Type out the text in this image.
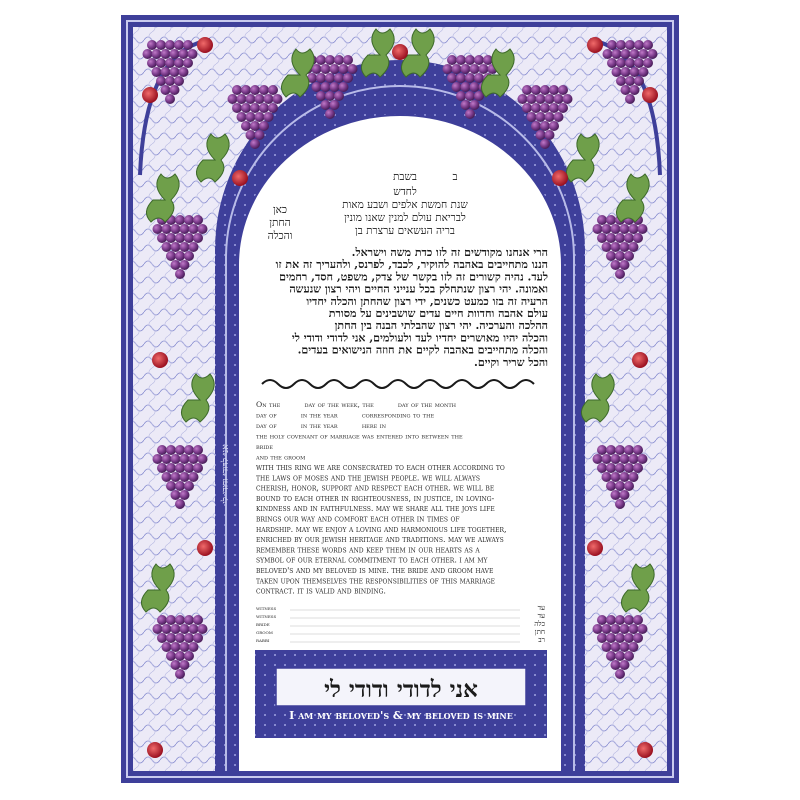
אני לדודי ודודי לי
בשבת	ב
לחדש
שנת חמשת אלפים ושבע מאות
לבריאת עולם למנין שאנו מונין
בריה העשאים ערצרת בן
כאן
החתן
והכלה
הרי אנחנו מקודשים זה לזו כדת משה וישראל.
הננו מתחייבים באהבה להוקיר, לכבד, לפרנס, ולהעריך זה את זו
לעד. נהיה קשורים זה לזו בקשר של צדק, משפט, חסד, רחמים
ואמונה. יהי רצון שנתחלק בכל ענייני החיים ויהי רצון שנעשה
הרעיה זה בזו כמעט כשנים, ידי רצון שהחתן והכלה יחדיו
עולם אהבה וחדוות חיים עדים שושבינים על מסורת
ההלכה והערכיה. יהי רצון שהבלתי הבנה בין החתן
והכלה יהיו מאושרים יחדיו לעד ולעולמים, אני לדודי ודודי לי
והכלה מתחייבים באהבה לקיים את חוזה הנישואים בעדים.
והכל שריר וקיים.
On the          day of the week, the          day of the month
day of          in the year          corresponding to the
day of          in the year          here in
the holy covenant of marriage was entered into between the
bride
and the groom
with this ring we are consecrated to each other according to
the laws of moses and the jewish people. we will always
cherish, honor, support and respect each other. we will be
bound to each other in righteousness, in justice, in loving-
kindness and in faithfulness. may we share all the joys life
brings our way and comfort each other in times of
hardship. may we enjoy a loving and harmonious life together,
enriched by our jewish heritage and traditions. may we always
remember these words and keep them in our hearts as a
symbol of our eternal commitment to each other. i am my
beloved's and my beloved is mine. the bride and groom have
taken upon themselves the responsibilities of this marriage
contract. it is valid and binding.
witness	עד
witness	עד
bride	כלה
groom	חתן
rabbi	רב
אני לדודי ודודי לי
I am my beloved's & my beloved is mine
